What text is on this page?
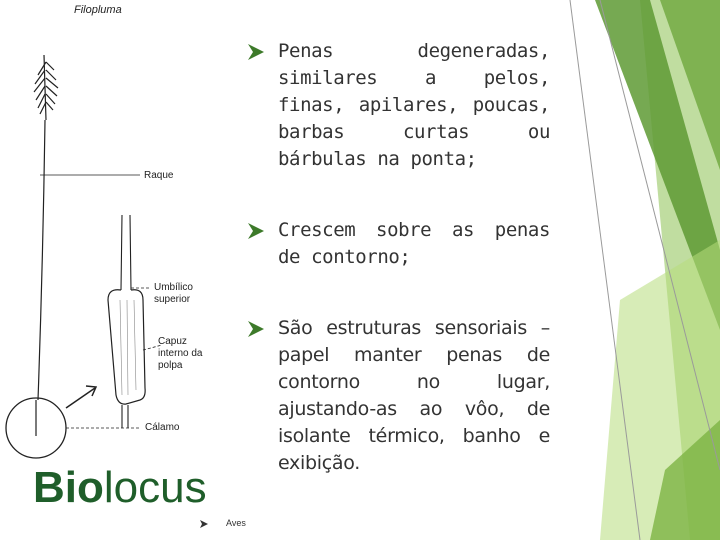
Filopluma
Raque
Umbílico superior
Capuz interno da polpa
Cálamo
Penas degeneradas, similares a pelos, finas, apilares, poucas, barbas curtas ou bárbulas na ponta;
Crescem sobre as penas de contorno;
São estruturas sensoriais – papel manter penas de contorno no lugar, ajustando-as ao vôo, de isolante térmico, banho e exibição.
Biolocus
Aves
